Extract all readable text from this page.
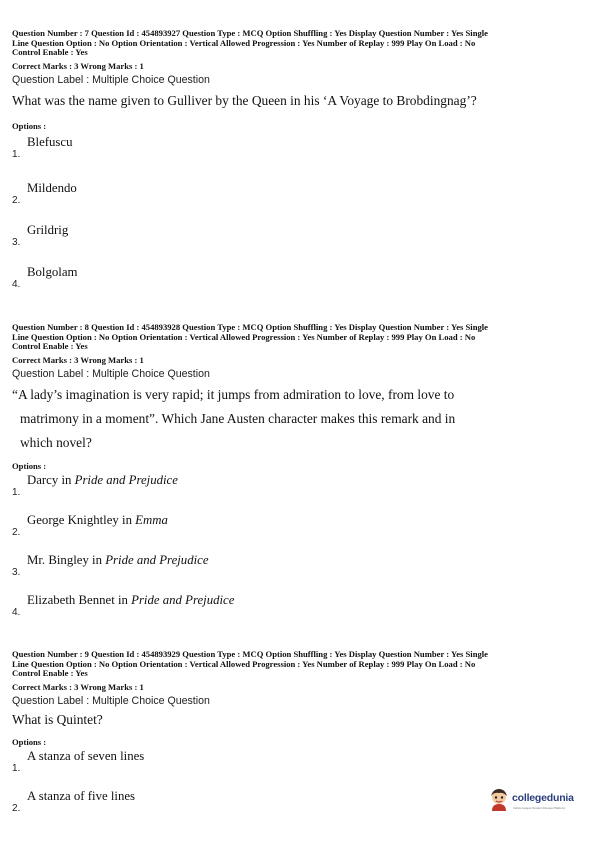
Question Number : 7 Question Id : 454893927 Question Type : MCQ Option Shuffling : Yes Display Question Number : Yes Single
Line Question Option : No Option Orientation : Vertical Allowed Progression : Yes Number of Replay : 999 Play On Load : No
Control Enable : Yes
Correct Marks : 3 Wrong Marks : 1
Question Label : Multiple Choice Question
What was the name given to Gulliver by the Queen in his ‘A Voyage to Brobdingnag’?
Options :
1.
Blefuscu
2.
Mildendo
3.
Grildrig
4.
Bolgolam
Question Number : 8 Question Id : 454893928 Question Type : MCQ Option Shuffling : Yes Display Question Number : Yes Single
Line Question Option : No Option Orientation : Vertical Allowed Progression : Yes Number of Replay : 999 Play On Load : No
Control Enable : Yes
Correct Marks : 3 Wrong Marks : 1
Question Label : Multiple Choice Question
“A lady’s imagination is very rapid; it jumps from admiration to love, from love to
matrimony in a moment”. Which Jane Austen character makes this remark and in
which novel?
Options :
1.
Darcy in Pride and Prejudice
2.
George Knightley in Emma
3.
Mr. Bingley in Pride and Prejudice
4.
Elizabeth Bennet in Pride and Prejudice
Question Number : 9 Question Id : 454893929 Question Type : MCQ Option Shuffling : Yes Display Question Number : Yes Single
Line Question Option : No Option Orientation : Vertical Allowed Progression : Yes Number of Replay : 999 Play On Load : No
Control Enable : Yes
Correct Marks : 3 Wrong Marks : 1
Question Label : Multiple Choice Question
What is Quintet?
Options :
1.
A stanza of seven lines
2.
A stanza of five lines	collegedunia
India's largest Student Review Platform
